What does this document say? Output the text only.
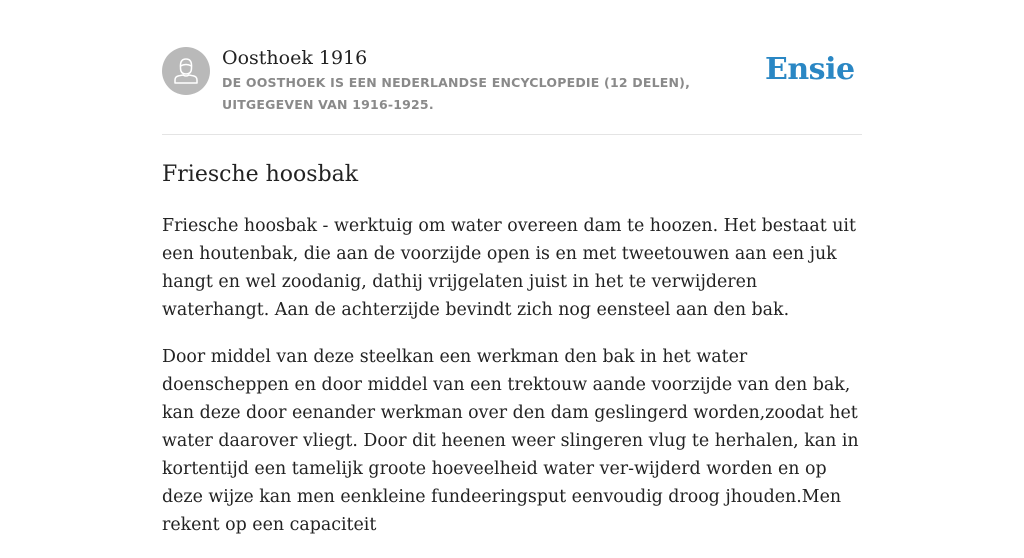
Oosthoek 1916
DE OOSTHOEK IS EEN NEDERLANDSE ENCYCLOPEDIE (12 DELEN), UITGEGEVEN VAN 1916-1925.
Ensie
Friesche hoosbak

Friesche hoosbak - werktuig om water overeen dam te hoozen. Het bestaat uit een houtenbak, die aan de voorzijde open is en met tweetouwen aan een juk hangt en wel zoodanig, dathij vrijgelaten juist in het te verwijderen waterhangt. Aan de achterzijde bevindt zich nog eensteel aan den bak.

Door middel van deze steelkan een werkman den bak in het water doenscheppen en door middel van een trektouw aande voorzijde van den bak, kan deze door eenander werkman over den dam geslingerd worden,zoodat het water daarover vliegt. Door dit heenen weer slingeren vlug te herhalen, kan in kortentijd een tamelijk groote hoeveelheid water ver-wijderd worden en op deze wijze kan men eenkleine fundeeringsput eenvoudig droog jhouden.Men rekent op een capaciteit
